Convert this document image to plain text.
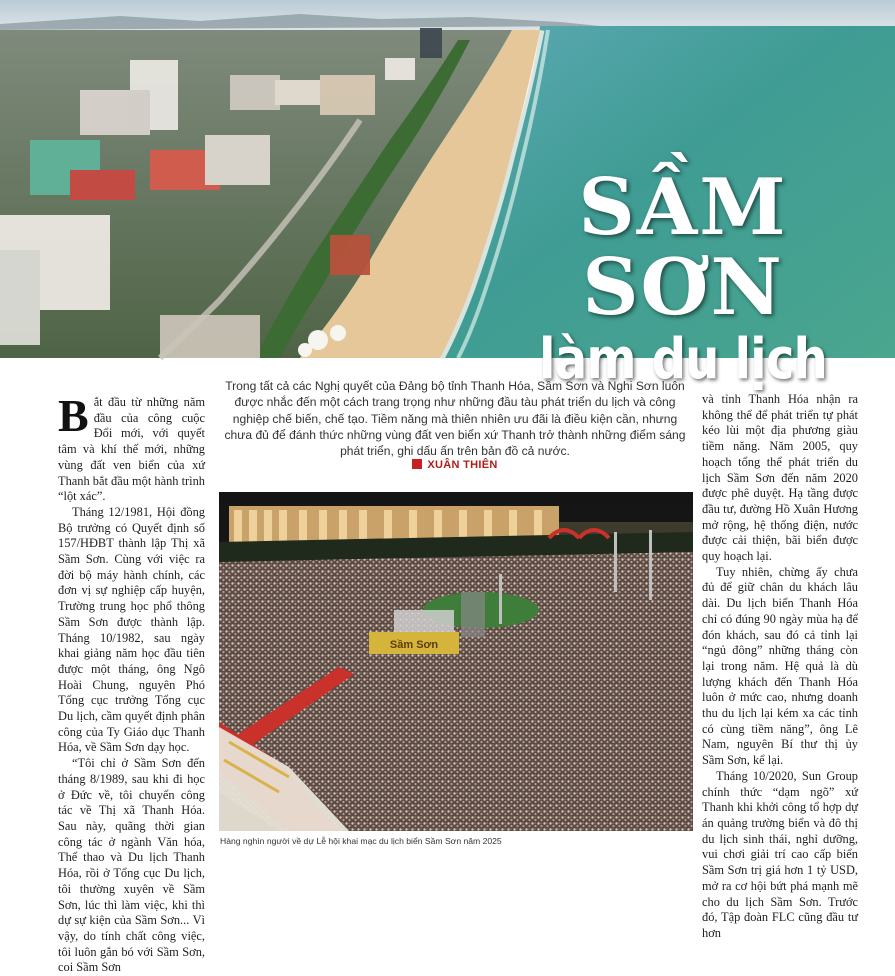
SẦM SƠN
làm du lịch

Bắt đầu từ những năm đầu của công cuộc Đổi mới, với quyết tâm và khí thế mới, những vùng đất ven biển của xứ Thanh bắt đầu một hành trình “lột xác”.

Tháng 12/1981, Hội đồng Bộ trưởng có Quyết định số 157/HĐBT thành lập Thị xã Sầm Sơn. Cùng với việc ra đời bộ máy hành chính, các đơn vị sự nghiệp cấp huyện, Trường trung học phổ thông Sầm Sơn được thành lập. Tháng 10/1982, sau ngày khai giảng năm học đầu tiên được một tháng, ông Ngô Hoài Chung, nguyên Phó Tổng cục trưởng Tổng cục Du lịch, cầm quyết định phân công của Ty Giáo dục Thanh Hóa, về Sầm Sơn dạy học.

“Tôi chỉ ở Sầm Sơn đến tháng 8/1989, sau khi đi học ở Đức về, tôi chuyển công tác về Thị xã Thanh Hóa. Sau này, quãng thời gian công tác ở ngành Văn hóa, Thể thao và Du lịch Thanh Hóa, rồi ở Tổng cục Du lịch, tôi thường xuyên về Sầm Sơn, lúc thì làm việc, khi thì dự sự kiện của Sầm Sơn... Vì vậy, do tính chất công việc, tôi luôn gắn bó với Sầm Sơn, coi Sầm Sơn

Trong tất cả các Nghị quyết của Đảng bộ tỉnh Thanh Hóa, Sầm Sơn và Nghi Sơn luôn được nhắc đến một cách trang trọng như những đầu tàu phát triển du lịch và công nghiệp chế biến, chế tạo. Tiềm năng mà thiên nhiên ưu đãi là điều kiện cần, nhưng chưa đủ để đánh thức những vùng đất ven biển xứ Thanh trở thành những điểm sáng phát triển, ghi dấu ấn trên bản đồ cả nước.
XUÂN THIÊN
Sầm Sơn
Hàng nghìn người về dự Lễ hội khai mạc du lịch biển Sầm Sơn năm 2025

và tỉnh Thanh Hóa nhận ra không thể để phát triển tự phát kéo lùi một địa phương giàu tiềm năng. Năm 2005, quy hoạch tổng thể phát triển du lịch Sầm Sơn đến năm 2020 được phê duyệt. Hạ tầng được đầu tư, đường Hồ Xuân Hương mở rộng, hệ thống điện, nước được cải thiện, bãi biển được quy hoạch lại.

Tuy nhiên, chừng ấy chưa đủ để giữ chân du khách lâu dài. Du lịch biển Thanh Hóa chỉ có đúng 90 ngày mùa hạ để đón khách, sau đó cả tỉnh lại “ngủ đông” những tháng còn lại trong năm. Hệ quả là dù lượng khách đến Thanh Hóa luôn ở mức cao, nhưng doanh thu du lịch lại kém xa các tỉnh có cùng tiềm năng”, ông Lê Nam, nguyên Bí thư thị ủy Sầm Sơn, kể lại.

Tháng 10/2020, Sun Group chính thức “dạm ngõ” xứ Thanh khi khởi công tổ hợp dự án quảng trường biển và đô thị du lịch sinh thái, nghỉ dưỡng, vui chơi giải trí cao cấp biển Sầm Sơn trị giá hơn 1 tỷ USD, mở ra cơ hội bứt phá mạnh mẽ cho du lịch Sầm Sơn. Trước đó, Tập đoàn FLC cũng đầu tư hơn
